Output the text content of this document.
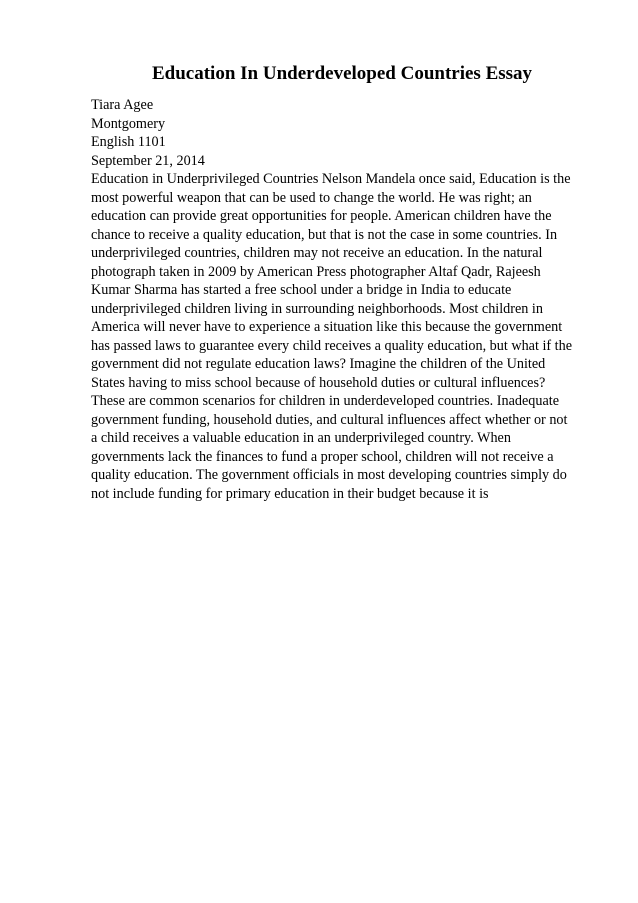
Education In Underdeveloped Countries Essay
Tiara Agee
Montgomery
English 1101
September 21, 2014
Education in Underprivileged Countries Nelson Mandela once said, Education is the
most powerful weapon that can be used to change the world. He was right; an
education can provide great opportunities for people. American children have the
chance to receive a quality education, but that is not the case in some countries. In
underprivileged countries, children may not receive an education. In the natural
photograph taken in 2009 by American Press photographer Altaf Qadr, Rajeesh
Kumar Sharma has started a free school under a bridge in India to educate
underprivileged children living in surrounding neighborhoods. Most children in
America will never have to experience a situation like this because the government
has passed laws to guarantee every child receives a quality education, but what if the
government did not regulate education laws? Imagine the children of the United
States having to miss school because of household duties or cultural influences?
These are common scenarios for children in underdeveloped countries. Inadequate
government funding, household duties, and cultural influences affect whether or not
a child receives a valuable education in an underprivileged country. When
governments lack the finances to fund a proper school, children will not receive a
quality education. The government officials in most developing countries simply do
not include funding for primary education in their budget because it is
